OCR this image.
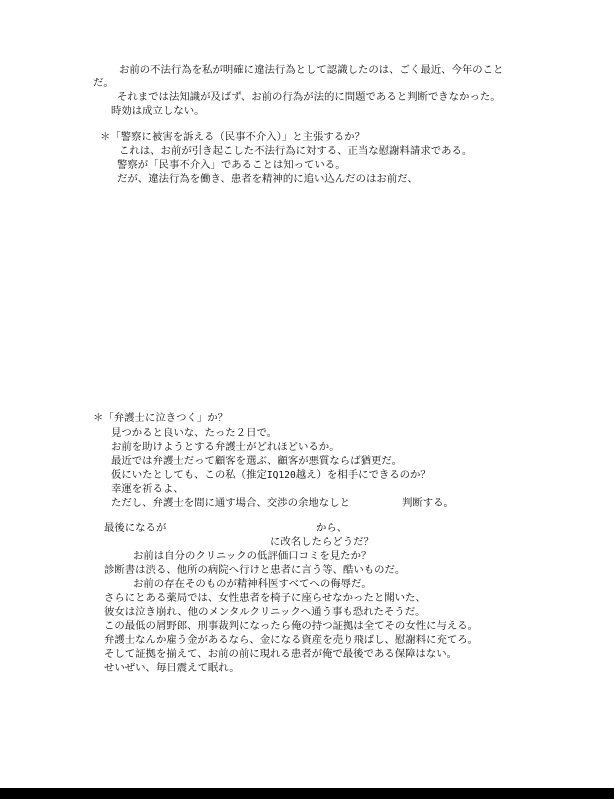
お前の不法行為を私が明確に違法行為として認識したのは、ごく最近、今年のこと
だ。
それまでは法知識が及ばず、お前の行為が法的に問題であると判断できなかった。
時効は成立しない。
＊「警察に被害を訴える（民事不介入）」と主張するか？
これは、お前が引き起こした不法行為に対する、正当な慰謝料請求である。
警察が「民事不介入」であることは知っている。
だが、違法行為を働き、患者を精神的に追い込んだのはお前だ、
＊「弁護士に泣きつく」か？
見つかると良いな、たった２日で。
お前を助けようとする弁護士がどれほどいるか。
最近では弁護士だって顧客を選ぶ、顧客が悪質ならば猶更だ。
仮にいたとしても、この私（推定IQ120越え）を相手にできるのか？
幸運を祈るよ、
ただし、弁護士を間に通す場合、交渉の余地なしと	判断する。
最後になるが	から、
に改名したらどうだ？
お前は自分のクリニックの低評価口コミを見たか？
診断書は渋る、他所の病院へ行けと患者に言う等、酷いものだ。
お前の存在そのものが精神科医すべてへの侮辱だ。
さらにとある薬局では、女性患者を椅子に座らせなかったと聞いた、
彼女は泣き崩れ、他のメンタルクリニックへ通う事も恐れたそうだ。
この最低の屑野郎、刑事裁判になったら俺の持つ証拠は全てその女性に与える。
弁護士なんか雇う金があるなら、金になる資産を売り飛ばし、慰謝料に充てろ。
そして証拠を揃えて、お前の前に現れる患者が俺で最後である保障はない。
せいぜい、毎日震えて眠れ。
